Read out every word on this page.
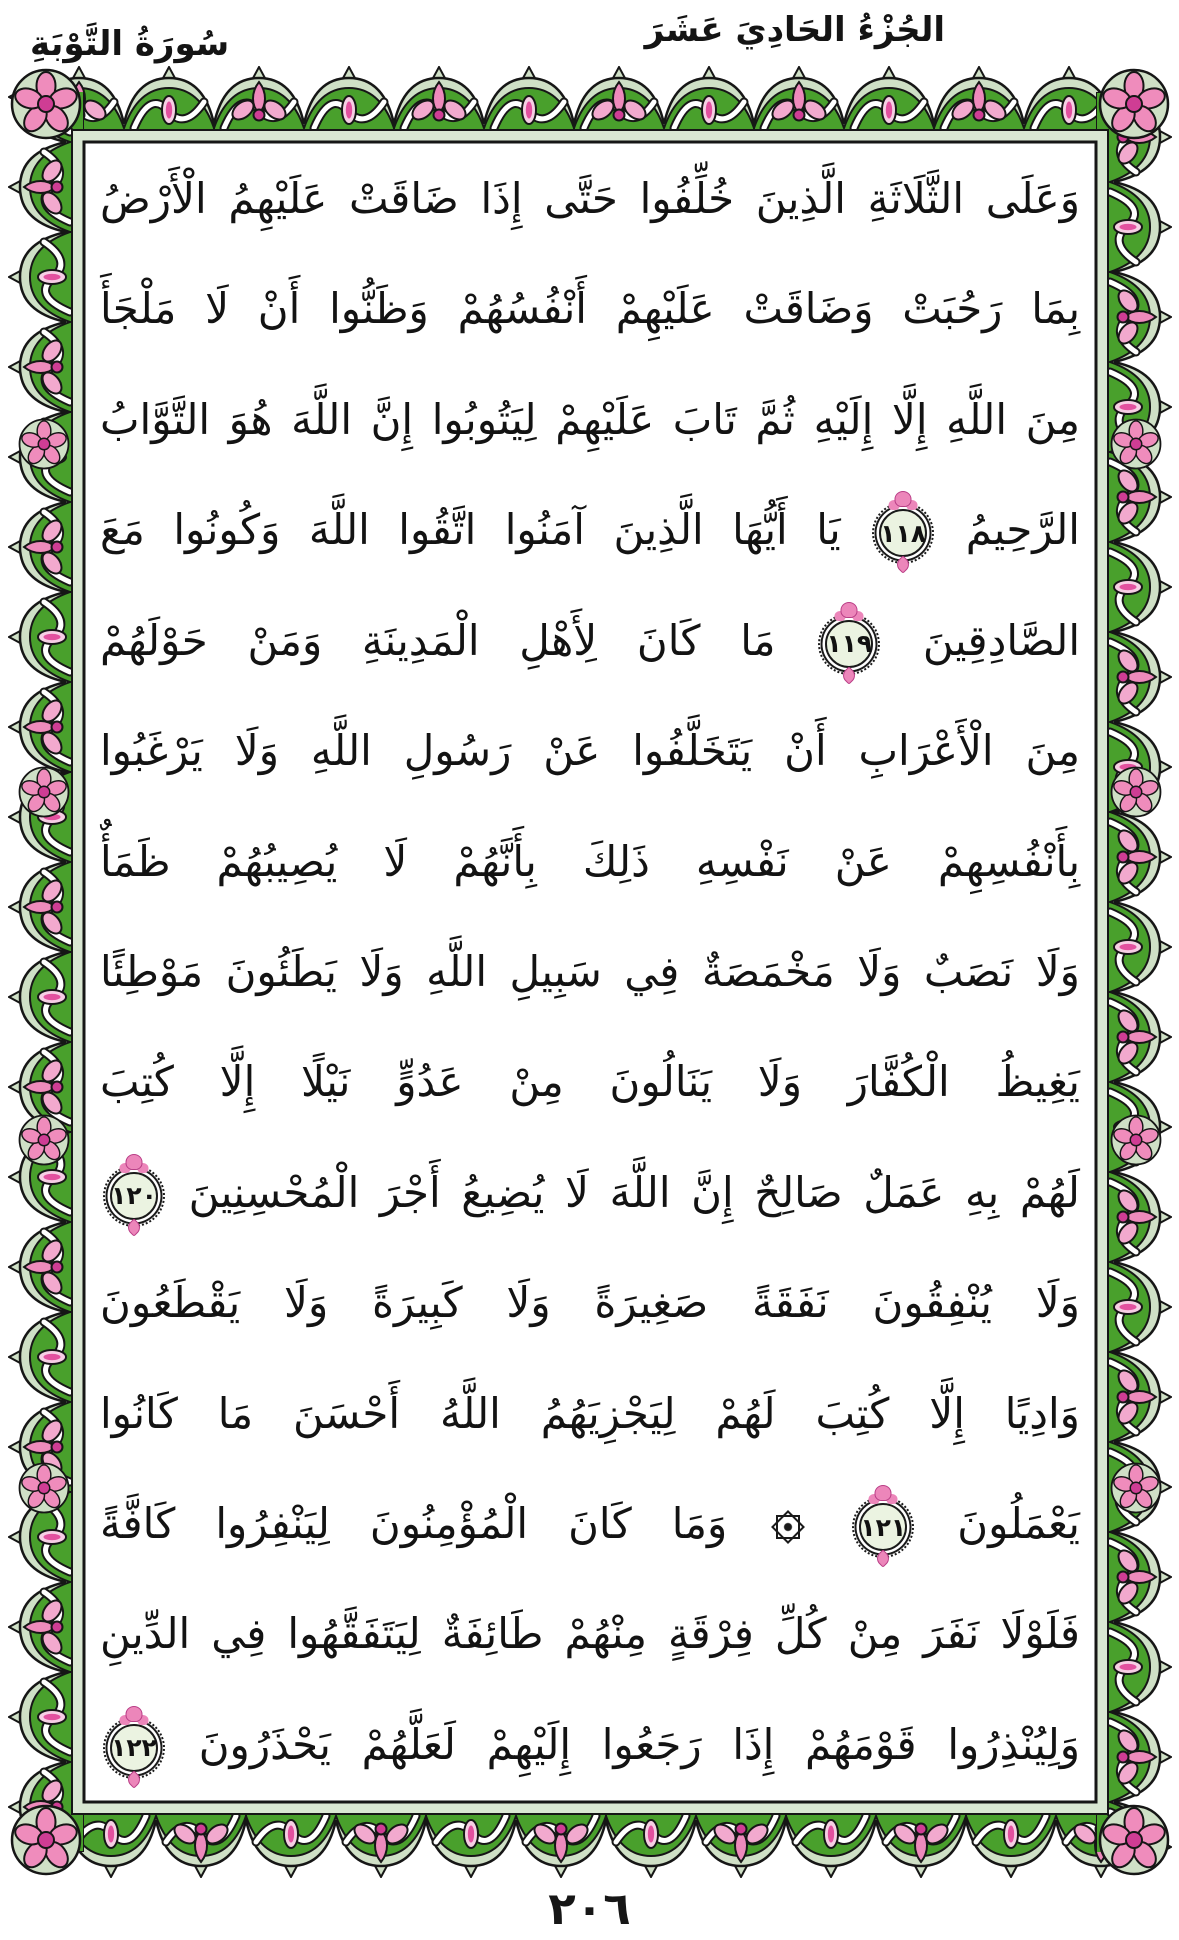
الجُزْءُ الحَادِيَ عَشَرَ
سُورَةُ التَّوْبَةِ
وَعَلَى الثَّلَاثَةِ الَّذِينَ خُلِّفُوا حَتَّى إِذَا ضَاقَتْ عَلَيْهِمُ الْأَرْضُ
بِمَا رَحُبَتْ وَضَاقَتْ عَلَيْهِمْ أَنْفُسُهُمْ وَظَنُّوا أَنْ لَا مَلْجَأَ
مِنَ اللَّهِ إِلَّا إِلَيْهِ ثُمَّ تَابَ عَلَيْهِمْ لِيَتُوبُوا إِنَّ اللَّهَ هُوَ التَّوَّابُ
الرَّحِيمُ
١١٨
يَا أَيُّهَا الَّذِينَ آمَنُوا اتَّقُوا اللَّهَ وَكُونُوا مَعَ
الصَّادِقِينَ
١١٩
مَا كَانَ لِأَهْلِ الْمَدِينَةِ وَمَنْ حَوْلَهُمْ
مِنَ الْأَعْرَابِ أَنْ يَتَخَلَّفُوا عَنْ رَسُولِ اللَّهِ وَلَا يَرْغَبُوا
بِأَنْفُسِهِمْ عَنْ نَفْسِهِ ذَلِكَ بِأَنَّهُمْ لَا يُصِيبُهُمْ ظَمَأٌ
وَلَا نَصَبٌ وَلَا مَخْمَصَةٌ فِي سَبِيلِ اللَّهِ وَلَا يَطَئُونَ مَوْطِئًا
يَغِيظُ الْكُفَّارَ وَلَا يَنَالُونَ مِنْ عَدُوٍّ نَيْلًا إِلَّا كُتِبَ
لَهُمْ بِهِ عَمَلٌ صَالِحٌ إِنَّ اللَّهَ لَا يُضِيعُ أَجْرَ الْمُحْسِنِينَ
١٢٠
وَلَا يُنْفِقُونَ نَفَقَةً صَغِيرَةً وَلَا كَبِيرَةً وَلَا يَقْطَعُونَ
وَادِيًا إِلَّا كُتِبَ لَهُمْ لِيَجْزِيَهُمُ اللَّهُ أَحْسَنَ مَا كَانُوا
يَعْمَلُونَ
١٢١
وَمَا كَانَ الْمُؤْمِنُونَ لِيَنْفِرُوا كَافَّةً
فَلَوْلَا نَفَرَ مِنْ كُلِّ فِرْقَةٍ مِنْهُمْ طَائِفَةٌ لِيَتَفَقَّهُوا فِي الدِّينِ
وَلِيُنْذِرُوا قَوْمَهُمْ إِذَا رَجَعُوا إِلَيْهِمْ لَعَلَّهُمْ يَحْذَرُونَ
١٢٢
٢٠٦
